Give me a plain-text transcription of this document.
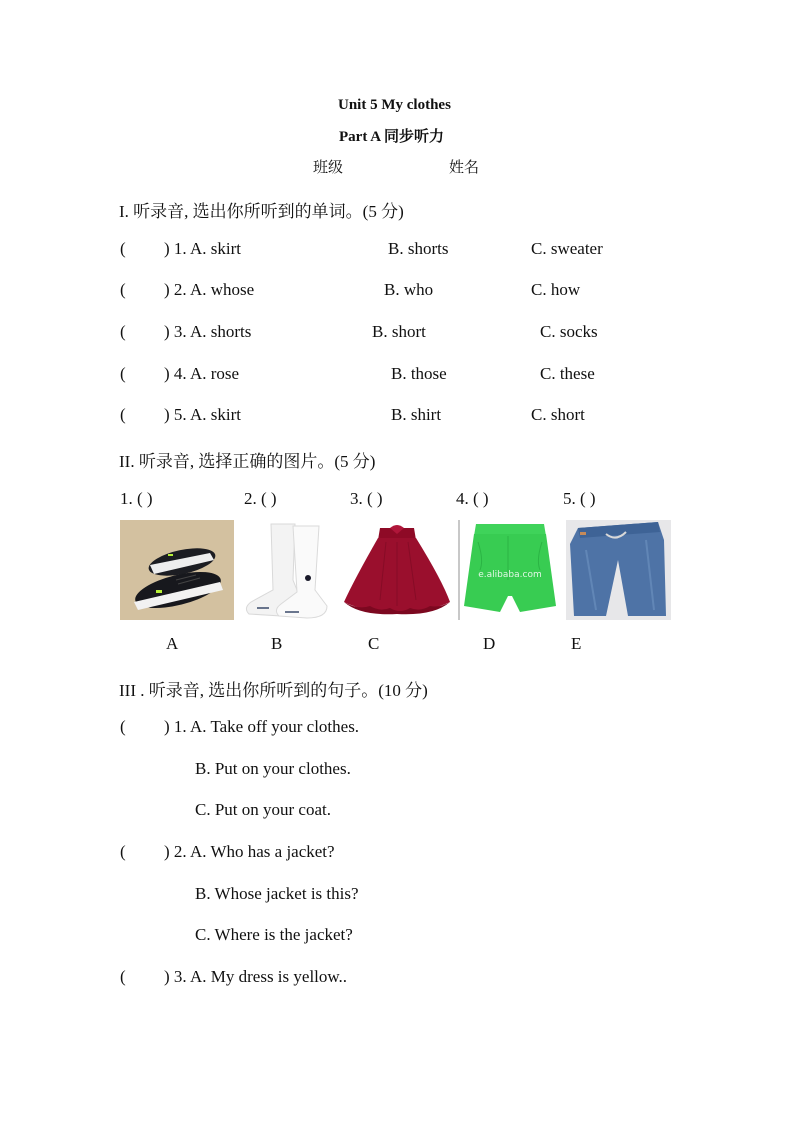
Unit 5 My clothes
Part A 同步听力
班级	姓名
I. 听录音, 选出你所听到的单词。(5 分)
( ) 1. A. skirt	B. shorts	C. sweater
( ) 2. A. whose	B. who	C. how
( ) 3. A. shorts	B. short	C. socks
( ) 4. A. rose	B. those	C. these
( ) 5. A. skirt	B. shirt	C. short
II. 听录音, 选择正确的图片。(5 分)
1. ( )	2. ( )	3. ( )	4. ( )	5. ( )
e.alibaba.com
A	B	C	D	E
III . 听录音, 选出你所听到的句子。(10 分)
( ) 1. A. Take off your clothes.
B. Put on your clothes.
C. Put on your coat.
( ) 2. A. Who has a jacket?
B. Whose jacket is this?
C. Where is the jacket?
( ) 3. A. My dress is yellow..
